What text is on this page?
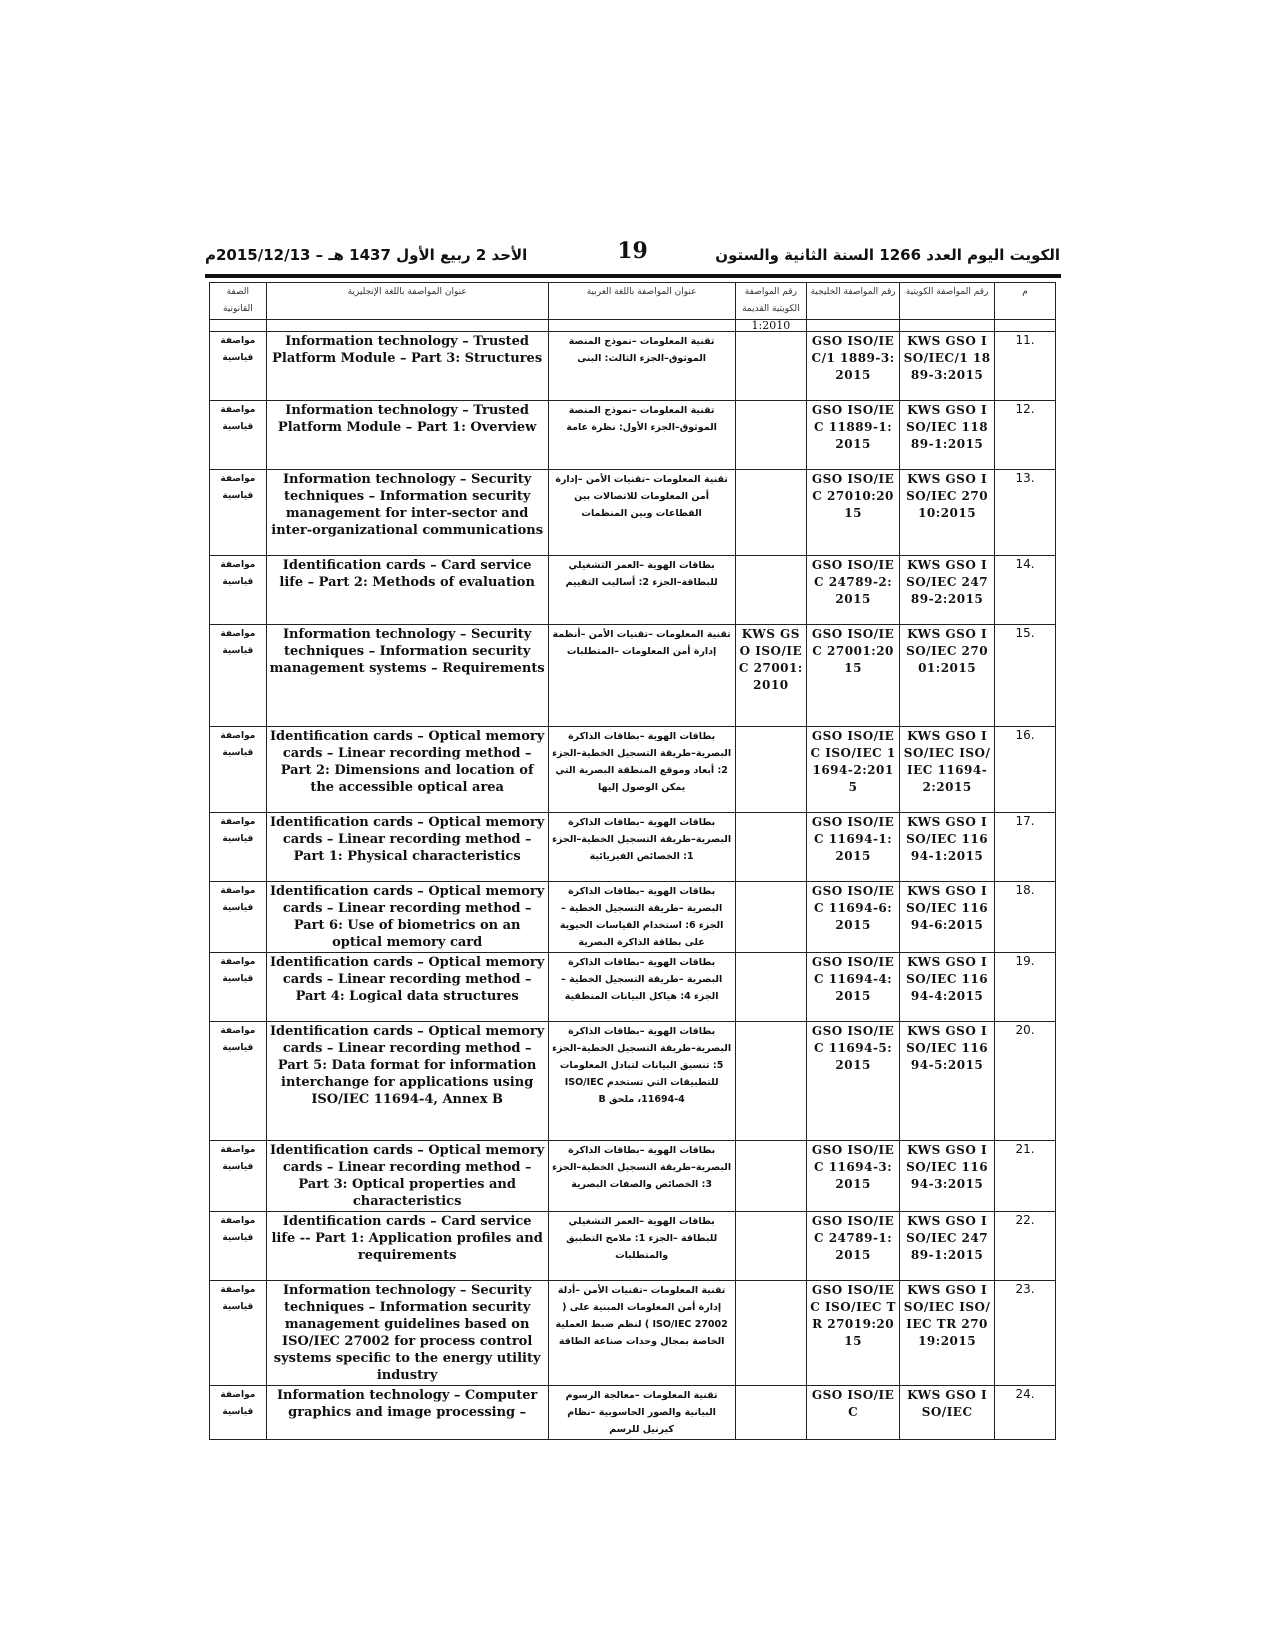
الكويت اليوم العدد 1266 السنة الثانية والستون
19
الأحد 2 ربيع الأول 1437 هـ – 2015/12/13م
م	رقم المواصفة الكويتية	رقم المواصفة الخليجية	رقم المواصفة الكويتية القديمة	عنوان المواصفة باللغة العربية	عنوان المواصفة باللغة الإنجليزية	الصفة القانونية
			1:2010			
.11	KWS GSO ISO/IEC/1 1889-3:2015	GSO ISO/IEC/1 1889-3:2015		تقنية المعلومات –نموذج المنصة الموثوق–الجزء الثالث: البنى	Information technology – Trusted Platform Module – Part 3: Structures	مواصفة قياسية
.12	KWS GSO ISO/IEC 11889-1:2015	GSO ISO/IEC 11889-1:2015		تقنية المعلومات –نموذج المنصة الموثوق–الجزء الأول: نظرة عامة	Information technology – Trusted Platform Module – Part 1: Overview	مواصفة قياسية
.13	KWS GSO ISO/IEC 27010:2015	GSO ISO/IEC 27010:2015		تقنية المعلومات –تقنيات الأمن –إدارة أمن المعلومات للاتصالات بين القطاعات وبين المنظمات	Information technology – Security techniques – Information security management for inter-sector and inter-organizational communications	مواصفة قياسية
.14	KWS GSO ISO/IEC 24789-2:2015	GSO ISO/IEC 24789-2:2015		بطاقات الهوية –العمر التشغيلي للبطاقة–الجزء 2: أساليب التقييم	Identification cards – Card service life – Part 2: Methods of evaluation	مواصفة قياسية
.15	KWS GSO ISO/IEC 27001:2015	GSO ISO/IEC 27001:2015	KWS GSO ISO/IEC 27001:2010	تقنية المعلومات –تقنيات الأمن –أنظمة إدارة أمن المعلومات –المتطلبات	Information technology – Security techniques – Information security management systems – Requirements	مواصفة قياسية
.16	KWS GSO ISO/IEC ISO/IEC 11694-2:2015	GSO ISO/IEC ISO/IEC 11694-2:2015		بطاقات الهوية –بطاقات الذاكرة البصرية–طريقة التسجيل الخطية–الجزء 2: أبعاد وموقع المنطقة البصرية التي يمكن الوصول إليها	Identification cards – Optical memory cards – Linear recording method – Part 2: Dimensions and location of the accessible optical area	مواصفة قياسية
.17	KWS GSO ISO/IEC 11694-1:2015	GSO ISO/IEC 11694-1:2015		بطاقات الهوية –بطاقات الذاكرة البصرية–طريقة التسجيل الخطية–الجزء 1: الخصائص الفيزيائية	Identification cards – Optical memory cards – Linear recording method – Part 1: Physical characteristics	مواصفة قياسية
.18	KWS GSO ISO/IEC 11694-6:2015	GSO ISO/IEC 11694-6:2015		بطاقات الهوية –بطاقات الذاكرة البصرية –طريقة التسجيل الخطية –الجزء 6: استخدام القياسات الحيوية على بطاقة الذاكرة البصرية	Identification cards – Optical memory cards – Linear recording method – Part 6: Use of biometrics on an optical memory card	مواصفة قياسية
.19	KWS GSO ISO/IEC 11694-4:2015	GSO ISO/IEC 11694-4:2015		بطاقات الهوية –بطاقات الذاكرة البصرية –طريقة التسجيل الخطية –الجزء 4: هياكل البيانات المنطقية	Identification cards – Optical memory cards – Linear recording method – Part 4: Logical data structures	مواصفة قياسية
.20	KWS GSO ISO/IEC 11694-5:2015	GSO ISO/IEC 11694-5:2015		بطاقات الهوية –بطاقات الذاكرة البصرية–طريقة التسجيل الخطية–الجزء 5: تنسيق البيانات لتبادل المعلومات للتطبيقات التي تستخدم ISO/IEC 11694-4، ملحق B	Identification cards – Optical memory cards – Linear recording method – Part 5: Data format for information interchange for applications using ISO/IEC 11694-4, Annex B	مواصفة قياسية
.21	KWS GSO ISO/IEC 11694-3:2015	GSO ISO/IEC 11694-3:2015		بطاقات الهوية –بطاقات الذاكرة البصرية–طريقة التسجيل الخطية–الجزء 3: الخصائص والصفات البصرية	Identification cards – Optical memory cards – Linear recording method – Part 3: Optical properties and characteristics	مواصفة قياسية
.22	KWS GSO ISO/IEC 24789-1:2015	GSO ISO/IEC 24789-1:2015		بطاقات الهوية –العمر التشغيلي للبطاقة –الجزء 1: ملامح التطبيق والمتطلبات	Identification cards – Card service life -- Part 1: Application profiles and requirements	مواصفة قياسية
.23	KWS GSO ISO/IEC ISO/IEC TR 27019:2015	GSO ISO/IEC ISO/IEC TR 27019:2015		تقنية المعلومات –تقنيات الأمن –أدلة إدارة أمن المعلومات المبنية على ( ISO/IEC 27002 ) لنظم ضبط العملية الخاصة بمجال وحدات صناعة الطاقة	Information technology – Security techniques – Information security management guidelines based on ISO/IEC 27002 for process control systems specific to the energy utility industry	مواصفة قياسية
.24	KWS GSO ISO/IEC	GSO ISO/IEC		تقنية المعلومات –معالجة الرسوم البيانية والصور الحاسوبية –نظام كيرنيل للرسم	Information technology – Computer graphics and image processing –	مواصفة قياسية
